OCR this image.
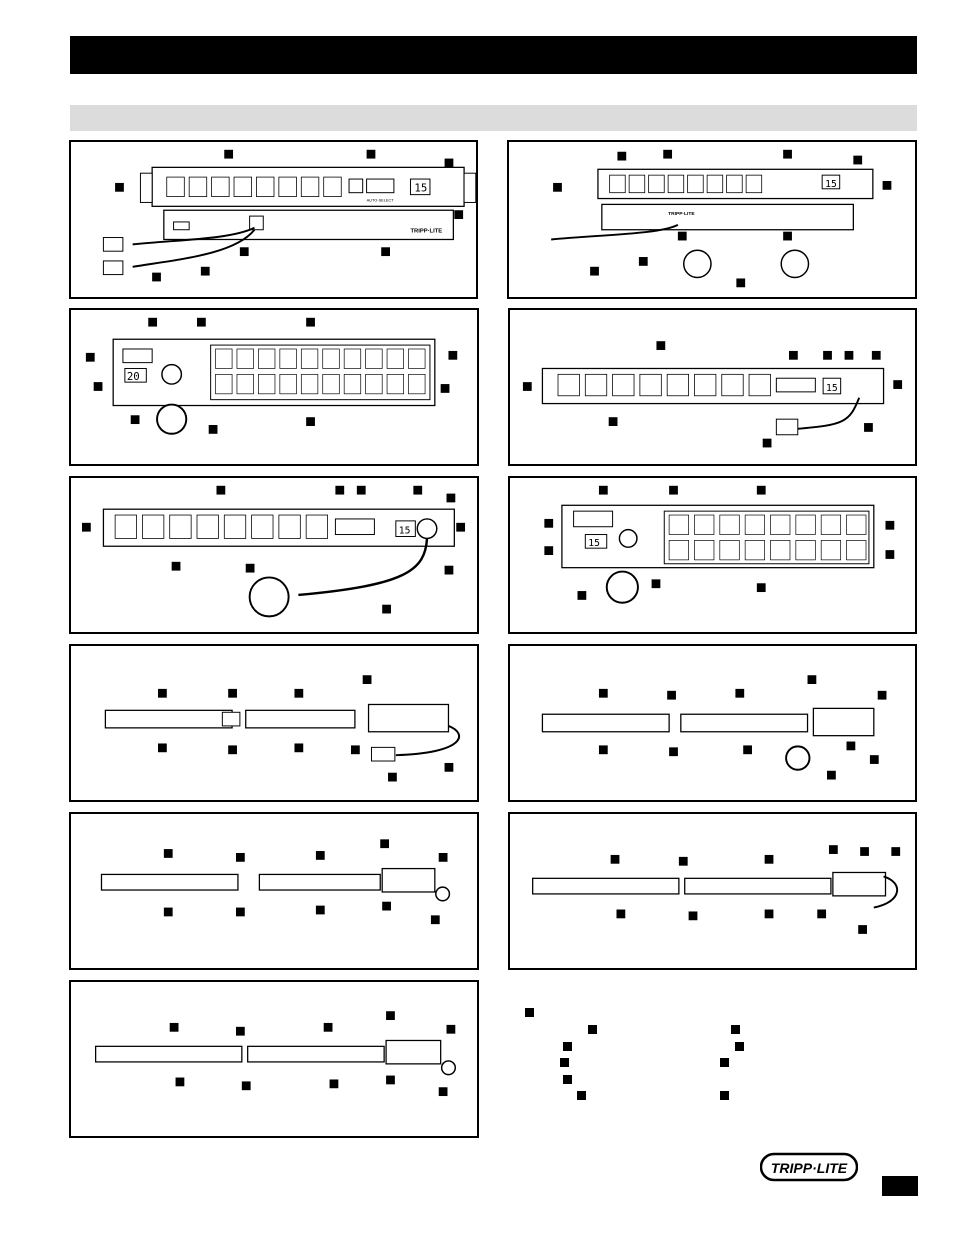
15
AUTO-SELECT
TRIPP·LITE
15
TRIPP·LITE
20
15
15
15
TRIPP·LITE
